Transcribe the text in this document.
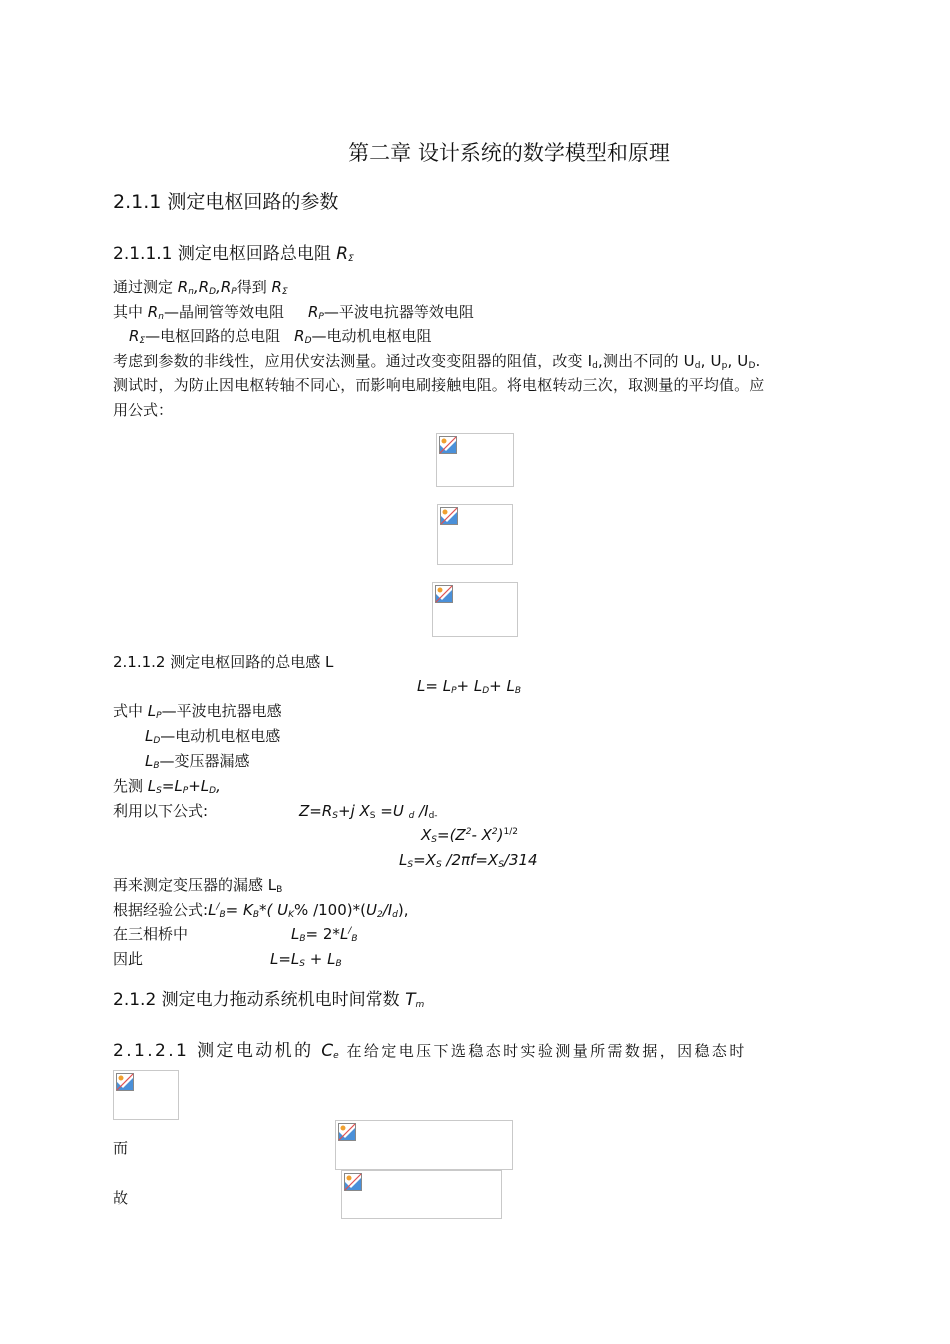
第二章 设计系统的数学模型和原理
2.1.1 测定电枢回路的参数
2.1.1.1 测定电枢回路总电阻 $R_\Sigma$
通过测定 $R_n,R_D,R_P$得到 $R_\Sigma$
其中 $R_n—$晶闸管等效电阻 $R_P—$平波电抗器等效电阻
$R_\Sigma—$电枢回路的总电阻 $R_D—$电动机电枢电阻
考虑到参数的非线性，应用伏安法测量。通过改变变阻器的阻值，改变 $I_d$,测出不同的 $U_d$, $U_p$, $U_D$.
测试时，为防止因电枢转轴不同心，而影响电刷接触电阻。将电枢转动三次，取测量的平均值。应
用公式：
2.1.1.2 测定电枢回路的总电感 L
$L= L_P+ L_D+ L_B$
式中 $L_P—$平波电抗器电感
$L_D—$电动机电枢电感
$L_B—$变压器漏感
先测 $L_S=L_P+L_D$,
利用以下公式:	$Z=R_S+j$ $X_S =U$ $_d$ $/I_{d-}$
$X_S=(Z^2-$ $X^2)^{1/2}$
$L_S=X_S$ $/2\pi f=X_S/314$
再来测定变压器的漏感 $L_B$
根据经验公式$:L^/_B= K_B*$( $U_K\%$ $/100)*(U_2/I_d)$,
在三相桥中	$L_B= 2*L^/_B$
因此	$L=L_S + L_B$
2.1.2 测定电力拖动系统机电时间常数 $T_m$
2.1.2.1 测定电动机的 $C_e$ 在给定电压下选稳态时实验测量所需数据，因稳态时
而
故
